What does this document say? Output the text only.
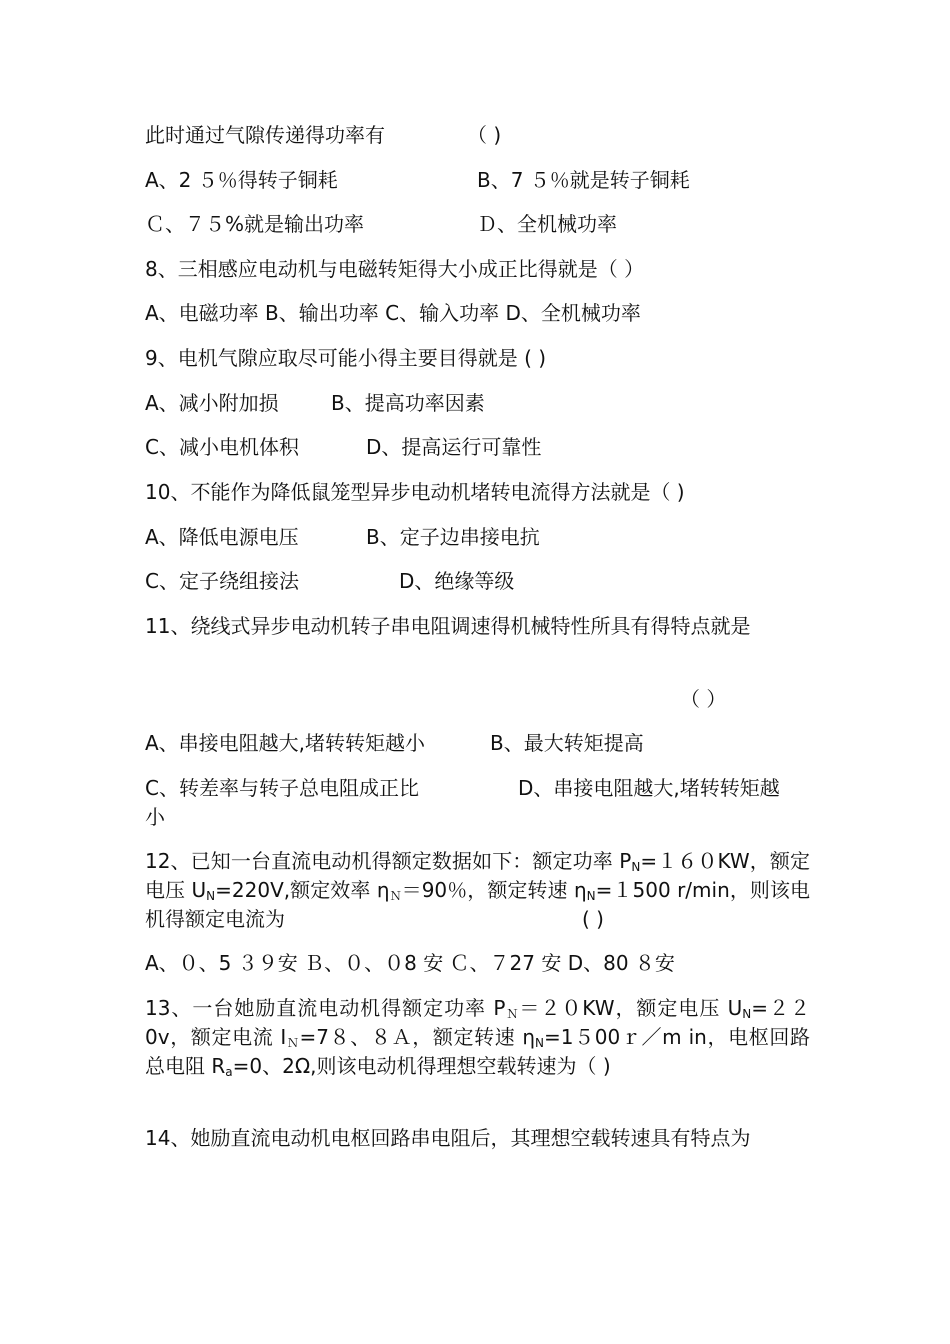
此时通过气隙传递得功率有	（ )
A、2 ５％得转子铜耗	B、7 ５％就是转子铜耗
Ｃ、７５%就是输出功率	Ｄ、全机械功率
8、三相感应电动机与电磁转矩得大小成正比得就是（ ）
A、电磁功率 B、输出功率 C、输入功率 D、全机械功率
9、电机气隙应取尽可能小得主要目得就是 ( )
A、减小附加损	B、提高功率因素
C、减小电机体积	D、提高运行可靠性
10、不能作为降低鼠笼型异步电动机堵转电流得方法就是（ )
A、降低电源电压	B、定子边串接电抗
C、定子绕组接法	D、绝缘等级
11、绕线式异步电动机转子串电阻调速得机械特性所具有得特点就是
（ ）
A、串接电阻越大,堵转转矩越小	B、最大转矩提高
C、转差率与转子总电阻成正比	D、串接电阻越大,堵转转矩越
小
12、已知一台直流电动机得额定数据如下：额定功率 $P_N=160KW$，额定电压 $U_N=220V$,额定效率 $\eta_N=90$％，额定转速 $\eta_N=1500$ r/min，则该电机得额定电流为	( )
A、０、5 ３９安 Ｂ、０、０8 安 Ｃ、７27 安 D、80 ８安
13、一台她励直流电动机得额定功率 $P_N=20KW$，额定电压 $U_N=220v$，额定电流 $I_N=78$、８Ａ，额定转速 $\eta_N=1500r/m$ in，电枢回路总电阻 $R_a=0$、2Ω,则该电动机得理想空载转速为（ )
14、她励直流电动机电枢回路串电阻后，其理想空载转速具有特点为
